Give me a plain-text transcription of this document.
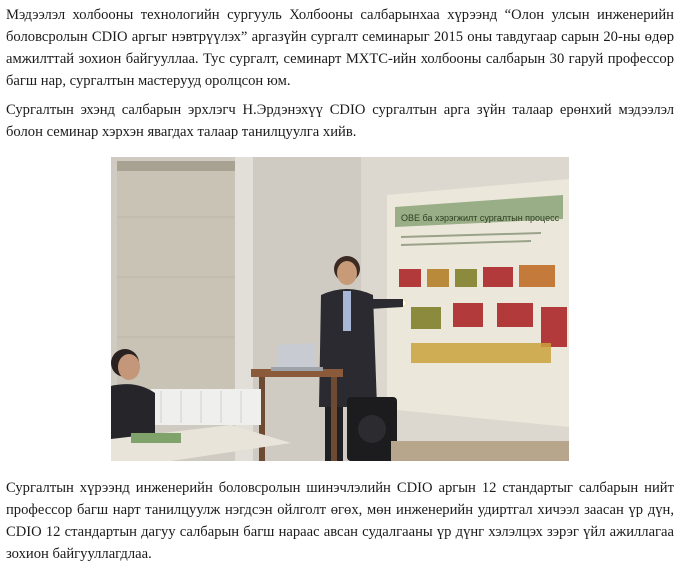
Мэдээлэл холбооны технологийн сургууль Холбооны салбарынхаа хүрээнд “Олон улсын инженерийн боловсролын CDIO аргыг нэвтрүүлэх” аргазүйн сургалт семинарыг 2015 оны тавдугаар сарын 20-ны өдөр амжилттай зохион байгууллаа. Тус сургалт, семинарт МХТС-ийн холбооны салбарын 30 гаруй профессор багш нар, сургалтын мастерууд оролцсон юм.

Сургалтын эхэнд салбарын эрхлэгч Н.Эрдэнэхүү CDIO сургалтын арга зүйн талаар ерөнхий мэдээлэл болон семинар хэрхэн явагдах талаар танилцуулга хийв.

OBE ба хэрэгжилт сургалтын процесс

Сургалтын хүрээнд инженерийн боловсролын шинэчлэлийн CDIO аргын 12 стандартыг салбарын нийт профессор багш нарт танилцуулж нэгдсэн ойлголт өгөх, мөн инженерийн удиртгал хичээл заасан үр дүн, CDIO 12 стандартын дагуу салбарын багш нараас авсан судалгааны үр дүнг хэлэлцэх зэрэг үйл ажиллагаа зохион байгууллагдлаа.
